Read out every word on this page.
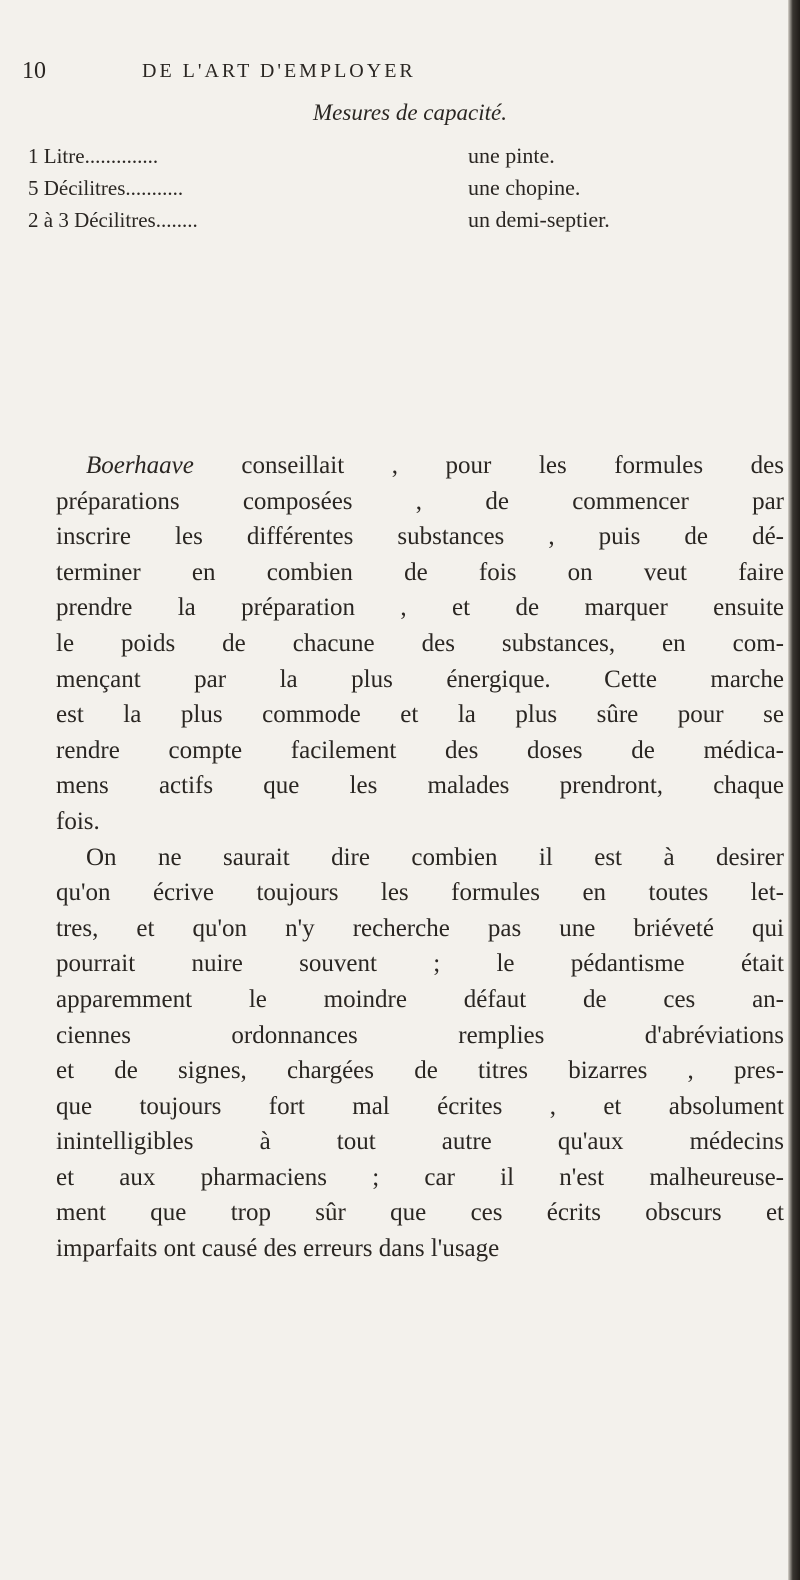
10	DE L'ART D'EMPLOYER
Mesures de capacité.
1 Litre..............	une pinte.
5 Décilitres...........	une chopine.
2 à 3 Décilitres........	un demi-septier.
Boerhaave conseillait , pour les formules des
préparations composées , de commencer par
inscrire les différentes substances , puis de dé-
terminer en combien de fois on veut faire
prendre la préparation , et de marquer ensuite
le poids de chacune des substances, en com-
mençant par la plus énergique. Cette marche
est la plus commode et la plus sûre pour se
rendre compte facilement des doses de médica-
mens actifs que les malades prendront, chaque
fois.
On ne saurait dire combien il est à desirer
qu'on écrive toujours les formules en toutes let-
tres, et qu'on n'y recherche pas une briéveté qui
pourrait nuire souvent ; le pédantisme était
apparemment le moindre défaut de ces an-
ciennes ordonnances remplies d'abréviations
et de signes, chargées de titres bizarres , pres-
que toujours fort mal écrites , et absolument
inintelligibles à tout autre qu'aux médecins
et aux pharmaciens ; car il n'est malheureuse-
ment que trop sûr que ces écrits obscurs et
imparfaits ont causé des erreurs dans l'usage
